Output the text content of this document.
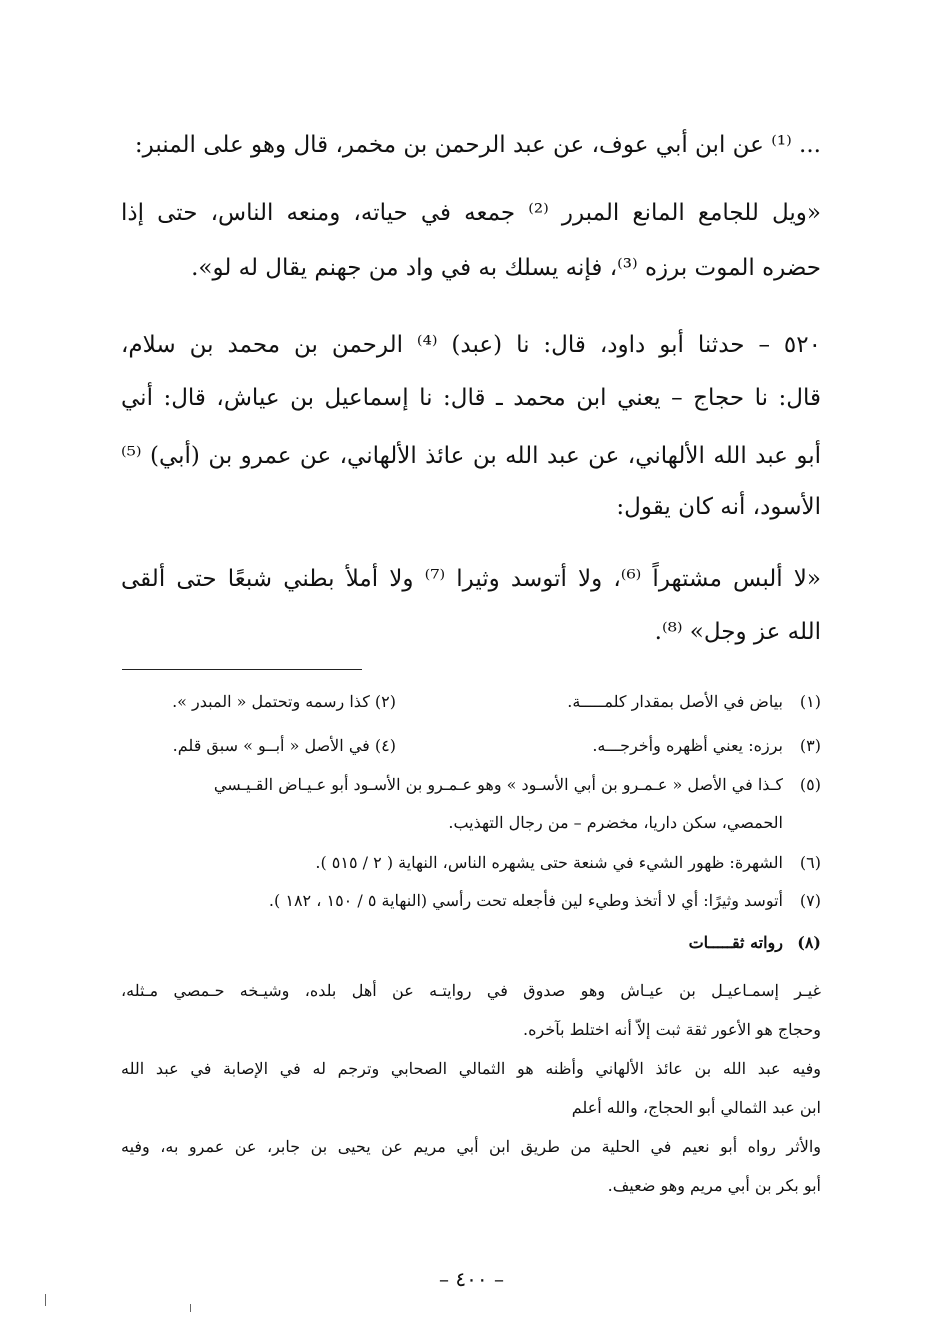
... ⁽¹⁾ عن ابن أبي عوف، عن عبد الرحمن بن مخمر، قال وهو على المنبر:
«ويل للجامع المانع المبرر ⁽²⁾ جمعه في حياته، ومنعه الناس، حتى إذا
حضره الموت برزه ⁽³⁾، فإنه يسلك به في واد من جهنم يقال له لو».
٥٢٠ – حدثنا أبو داود، قال: نا (عبد) ⁽⁴⁾ الرحمن بن محمد بن سلام،
قال: نا حجاج – يعني ابن محمد ـ قال: نا إسماعيل بن عياش، قال: أني
أبو عبد الله الألهاني، عن عبد الله بن عائذ الألهاني، عن عمرو بن (أبي) ⁽⁵⁾
الأسود، أنه كان يقول:
«لا ألبس مشتهراً ⁽⁶⁾، ولا أتوسد وثيرا ⁽⁷⁾ ولا أملأ بطني شبعًا حتى ألقى
الله عز وجل» ⁽⁸⁾.
(١)
بياض في الأصل بمقدار كلمـــــة.
(٢) كذا رسمه وتحتمل « المبدر ».
(٣)
برزه: يعني أظهره وأخرجـــه.
(٤) في الأصل « أبــو » سبق قلم.
(٥)
كـذا في الأصل « عـمـرو بن أبي الأسـود » وهو عـمـرو بن الأسـود أبو عـيـاض القـيـسي
الحمصي، سكن داريا، مخضرم – من رجال التهذيب.
(٦)
الشهرة: ظهور الشيء في شنعة حتى يشهره الناس، النهاية ( ٢ / ٥١٥ ).
(٧)
أتوسد وثيرًا: أي لا أتخذ وطيء لين فأجعله تحت رأسي (النهاية ٥ / ١٥٠ ، ١٨٢ ).
(٨)
رواته ثقـــــات
غيـر إسمـاعيـل بن عيـاش وهو صدوق في روايتـه عن أهل بلده، وشيـخه حـمصي مـثله،
وحجاج هو الأعور ثقة ثبت إلاّ أنه اختلط بآخره.
وفيه عبد الله بن عائذ الألهاني وأظنه هو الثمالي الصحابي وترجم له في الإصابة في عبد الله
ابن عبد الثمالي أبو الحجاج، والله أعلم
والأثر رواه أبو نعيم في الحلية من طريق ابن أبي مريم عن يحيى بن جابر، عن عمرو به، وفيه
أبو بكر بن أبي مريم وهو ضعيف.
– ٤٠٠ –
